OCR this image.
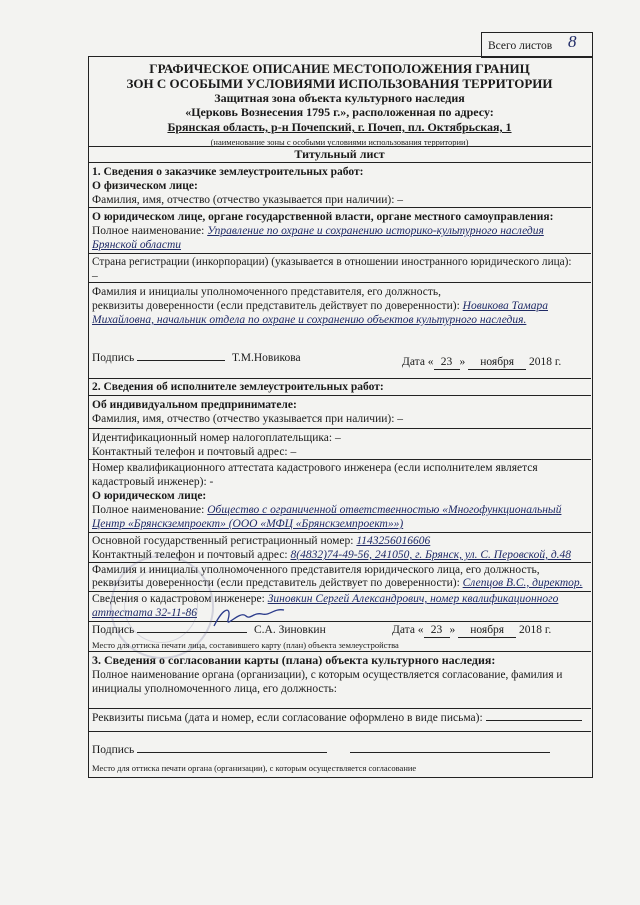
Всего листов 8
ГРАФИЧЕСКОЕ ОПИСАНИЕ МЕСТОПОЛОЖЕНИЯ ГРАНИЦ
ЗОН С ОСОБЫМИ УСЛОВИЯМИ ИСПОЛЬЗОВАНИЯ ТЕРРИТОРИИ
Защитная зона объекта культурного наследия
«Церковь Вознесения 1795 г.», расположенная по адресу:
Брянская область, р-н Почепский, г. Почеп, пл. Октябрьская, 1
(наименование зоны с особыми условиями использования территории)
Титульный лист
1. Сведения о заказчике землеустроительных работ:
О физическом лице:
Фамилия, имя, отчество (отчество указывается при наличии): –
О юридическом лице, органе государственной власти, органе местного самоуправления:
Полное наименование: Управление по охране и сохранению историко-культурного наследия
Брянской области
Страна регистрации (инкорпорации) (указывается в отношении иностранного юридического лица):
–
Фамилия и инициалы уполномоченного представителя, его должность,
реквизиты доверенности (если представитель действует по доверенности): Новикова Тамара
Михайловна, начальник отдела по охране и сохранению объектов культурного наследия.
Подпись	Т.М.Новикова	Дата « 23 » ноября 2018 г.
2. Сведения об исполнителе землеустроительных работ:
Об индивидуальном предпринимателе:
Фамилия, имя, отчество (отчество указывается при наличии): –
Идентификационный номер налогоплательщика: –
Контактный телефон и почтовый адрес: –
Номер квалификационного аттестата кадастрового инженера (если исполнителем является
кадастровый инженер): -
О юридическом лице:
Полное наименование: Общество с ограниченной ответственностью «Многофункциональный
Центр «Брянскземпроект» (ООО «МФЦ «Брянскземпроект»»)
Основной государственный регистрационный номер: 1143256016606
Контактный телефон и почтовый адрес: 8(4832)74-49-56, 241050, г. Брянск, ул. С. Перовской, д.48
Фамилия и инициалы уполномоченного представителя юридического лица, его должность,
реквизиты доверенности (если представитель действует по доверенности): Слепцов В.С., директор.
Сведения о кадастровом инженере: Зиновкин Сергей Александрович, номер квалификационного
аттестата 32-11-86
Подпись	С.А. Зиновкин	Дата « 23 » ноября 2018 г.
Место для оттиска печати лица, составившего карту (план) объекта землеустройства
3. Сведения о согласовании карты (плана) объекта культурного наследия:
Полное наименование органа (организации), с которым осуществляется согласование, фамилия и
инициалы уполномоченного лица, его должность:
Реквизиты письма (дата и номер, если согласование оформлено в виде письма):
Подпись
Место для оттиска печати органа (организации), с которым осуществляется согласование
